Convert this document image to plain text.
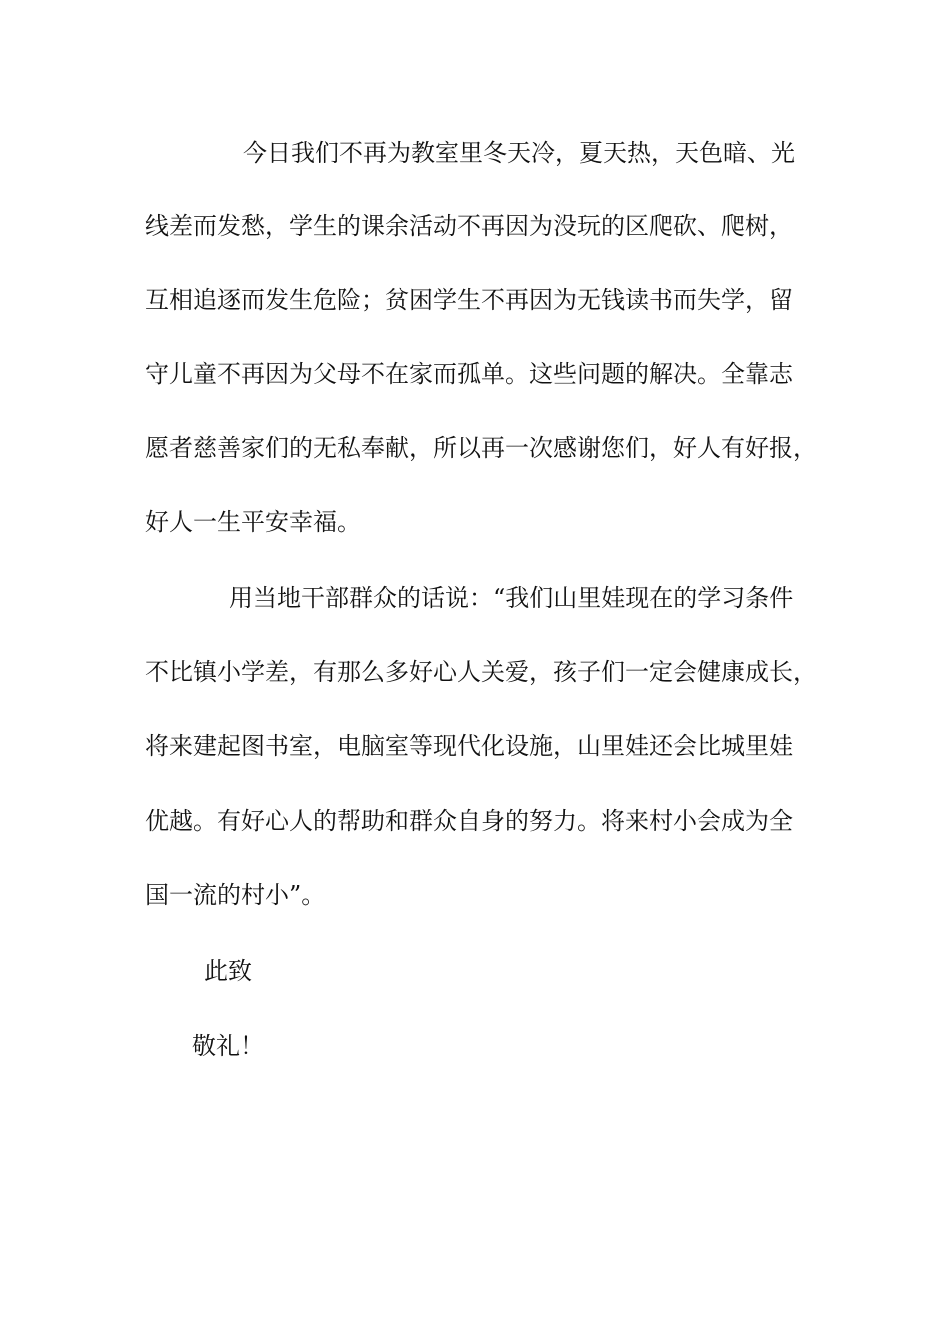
今日我们不再为教室里冬天冷，夏天热，天色暗、光
线差而发愁，学生的课余活动不再因为没玩的区爬砍、爬树，
互相追逐而发生危险；贫困学生不再因为无钱读书而失学，留
守儿童不再因为父母不在家而孤单。这些问题的解决。全靠志
愿者慈善家们的无私奉献，所以再一次感谢您们，好人有好报，
好人一生平安幸福。
用当地干部群众的话说：“我们山里娃现在的学习条件
不比镇小学差，有那么多好心人关爱，孩子们一定会健康成长，
将来建起图书室，电脑室等现代化设施，山里娃还会比城里娃
优越。有好心人的帮助和群众自身的努力。将来村小会成为全
国一流的村小”。
此致
敬礼！
